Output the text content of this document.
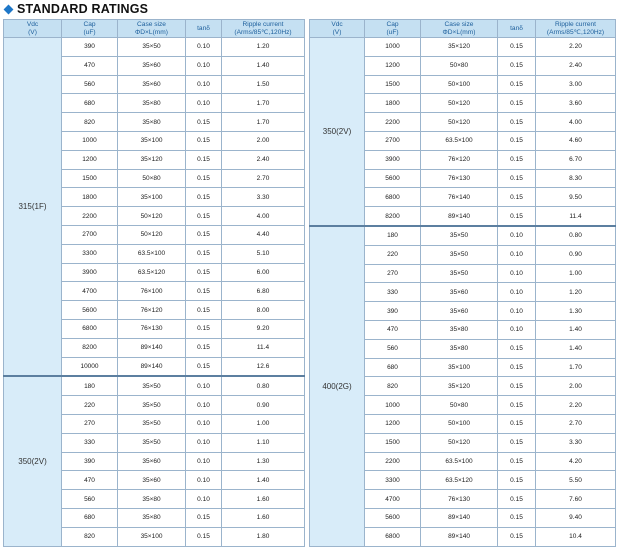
STANDARD RATINGS
Vdc
(V)	Cap
(uF)	Case size
ΦD×L(mm)	tanδ	Ripple current
(Arms/85℃,120Hz)
315(1F)	390	35×50	0.10	1.20
	470	35×60	0.10	1.40
	560	35×60	0.10	1.50
	680	35×80	0.10	1.70
	820	35×80	0.15	1.70
	1000	35×100	0.15	2.00
	1200	35×120	0.15	2.40
	1500	50×80	0.15	2.70
	1800	35×100	0.15	3.30
	2200	50×120	0.15	4.00
	2700	50×120	0.15	4.40
	3300	63.5×100	0.15	5.10
	3900	63.5×120	0.15	6.00
	4700	76×100	0.15	6.80
	5600	76×120	0.15	8.00
	6800	76×130	0.15	9.20
	8200	89×140	0.15	11.4
	10000	89×140	0.15	12.6
350(2V)	180	35×50	0.10	0.80
	220	35×50	0.10	0.90
	270	35×50	0.10	1.00
	330	35×50	0.10	1.10
	390	35×60	0.10	1.30
	470	35×60	0.10	1.40
	560	35×80	0.10	1.60
	680	35×80	0.15	1.60
	820	35×100	0.15	1.80
Vdc
(V)	Cap
(uF)	Case size
ΦD×L(mm)	tanδ	Ripple current
(Arms/85℃,120Hz)
350(2V)	1000	35×120	0.15	2.20
	1200	50×80	0.15	2.40
	1500	50×100	0.15	3.00
	1800	50×120	0.15	3.60
	2200	50×120	0.15	4.00
	2700	63.5×100	0.15	4.60
	3900	76×120	0.15	6.70
	5600	76×130	0.15	8.30
	6800	76×140	0.15	9.50
	8200	89×140	0.15	11.4
400(2G)	180	35×50	0.10	0.80
	220	35×50	0.10	0.90
	270	35×50	0.10	1.00
	330	35×60	0.10	1.20
	390	35×60	0.10	1.30
	470	35×80	0.10	1.40
	560	35×80	0.15	1.40
	680	35×100	0.15	1.70
	820	35×120	0.15	2.00
	1000	50×80	0.15	2.20
	1200	50×100	0.15	2.70
	1500	50×120	0.15	3.30
	2200	63.5×100	0.15	4.20
	3300	63.5×120	0.15	5.50
	4700	76×130	0.15	7.60
	5600	89×140	0.15	9.40
	6800	89×140	0.15	10.4
